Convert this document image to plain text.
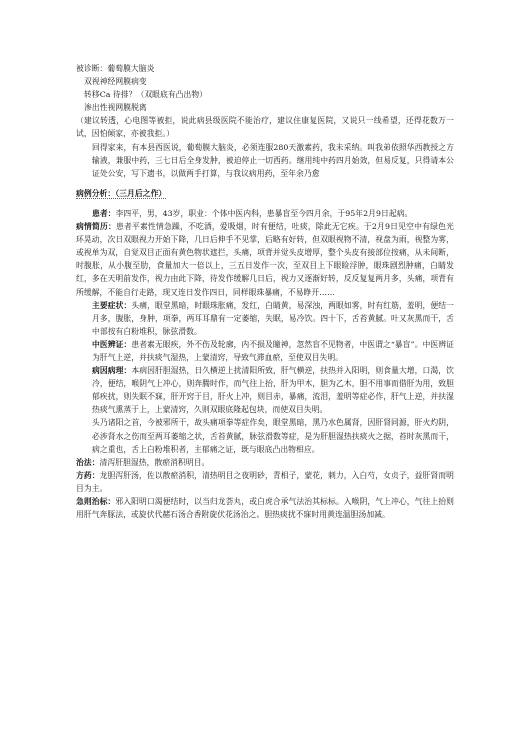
被诊断：葡萄膜大脑炎

双视神经网膜病变

转移Ca 待排？（双眼底有凸出物）

渗出性视网膜脱离

（建议转透，心电图等被拒，说此病县级医院不能治疗，建议住康复医院，又说只一线希望，还得花数万一试，因怕倾家，亦被我拒。）

回得家来，有本县西医说，葡萄膜大脑炎，必须连服280天激素药，我未采纳。叫我弟依照华西教授之方输液，兼服中药，三七日后全身发肿，被迫停止一切西药。继用纯中药四月始效，但易反复，只得请本公证处公安，写下遗书，以做两手打算，与我议病用药，至年余乃愈

病例分析：（三月后之作）

患者：李四平，男，43岁，职业：个体中医内科，患暴盲至今四月余，于95年2月9日起病。

病情简历：患者平素性情急躁，不吃酒，爱吸烟，时有便结，吐痰，除此无它疾。于2月9日见空中有绿色光环晃动，次日双眼视力开始下降，几日后伸手不见掌，后略有好转，但双眼视物不清，视盘为雨，视整为雾，或视单为双，自觉双目正面有黄色物状遮拦，头痛，项背并觉头皮增厚，整个头皮有接部位按痛，从未间断，时腹胀，从小腹至肋，食量加大一倍以上，三五日发作一次，至双目上下眼睑浮肿，眼珠剧烈肿痛，白睛发红，多在天明前发作，视力由此下降，待发作缓解几日后，视力又逐渐好转，反反复复两月多，头痛，项背有所缓解，不能自行走路，现又连日发作四日，同样眼珠暴痛，不易睁开……

主要症状：头痛，眼堂黑暗，时眼珠胀痛，发红，白睛黄，易深浊，两眼如雾，时有红筋，羞明，便结一月多，腹胀，身肿，项拳，两耳耳鼎有一定萎缩，失眠，易冷饮。四十下，舌苔黄腻。叶又灰黑而干，舌中部按有白粉堆积，脉弦滑数。

中医辨证：患者素无眼疾，外不伤及轮廓，内不损及瞳神，忽然盲不见物者，中医谓之“暴盲”。中医辨证为肝气上逆，并扶痰气湿热，上蒙清窍，导致气滞血瘀，至使双目失明。

病因病理：本病因肝胆湿热，日久横逆上扰清阳所致，肝气横逆，扶热并入阳明，则食量大增，口渴，饮冷，便结，喉阴气上冲心，则奔腾时作，而气往上抬，肝为甲木，胆为乙木，胆不用事而借肝为用，致胆郁疾扰，则失眠不寐，肝开窍于目，肝火上冲，则目赤，暴痛，流泪，羞明等症必作，肝气上逆，并扶湿热痰气熏蒸于上，上蒙清窍，久则双眼底隆起包块，而使双目失明。

头乃诸阳之首，今被邪所干，故头痛项拳等症作矣，眼堂黑暗，黑乃水色属肾，因肝肾同源，肝火灼阴，必涉肾水之伤而至两耳萎缩之状，舌苔黄腻，脉弦滑数等症，是为肝胆湿热扶痰火之据，苔时灰黑而干，病之重也，舌上白粉堆积者，主郁痛之证，既与眼底凸出物相应。

治法：清泻肝胆湿热，散瘀消积明目。

方药：龙胆泻肝汤，佐以散瘀消积，清热明目之夜明砂，青相子，蒙花，刺力，入白芍，女贞子，益肝肾而明目为主。

急则治标：邪入阳明口渴便结时，以当归龙荟丸，或白虎合承气法治其标标。入喉阴，气上冲心，气往上抬则用肝气奔豚法，或旋伏代赭石汤合香附旋伏花汤治之。胆热痰扰不寐时用黄连温胆汤加减。
